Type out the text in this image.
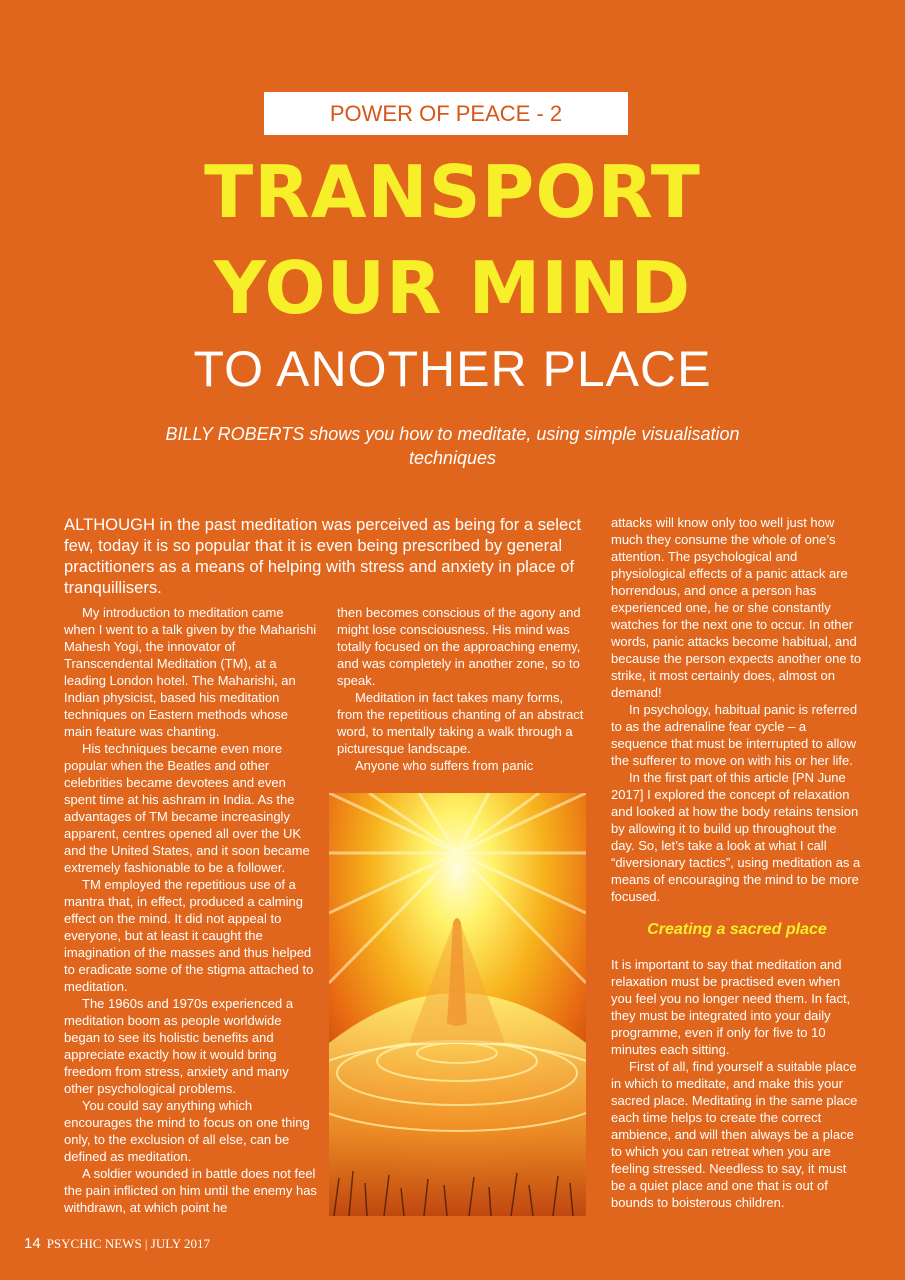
POWER OF PEACE - 2
TRANSPORT
YOUR MIND
TO ANOTHER PLACE
BILLY ROBERTS shows you how to meditate, using simple visualisation techniques
ALTHOUGH in the past meditation was perceived as being for a select few, today it is so popular that it is even being prescribed by general practitioners as a means of helping with stress and anxiety in place of tranquillisers.

My introduction to meditation came when I went to a talk given by the Maharishi Mahesh Yogi, the innovator of Transcendental Meditation (TM), at a leading London hotel. The Maharishi, an Indian physicist, based his meditation techniques on Eastern methods whose main feature was chanting.

His techniques became even more popular when the Beatles and other celebrities became devotees and even spent time at his ashram in India. As the advantages of TM became increasingly apparent, centres opened all over the UK and the United States, and it soon became extremely fashionable to be a follower.

TM employed the repetitious use of a mantra that, in effect, produced a calming effect on the mind. It did not appeal to everyone, but at least it caught the imagination of the masses and thus helped to eradicate some of the stigma attached to meditation.

The 1960s and 1970s experienced a meditation boom as people worldwide began to see its holistic benefits and appreciate exactly how it would bring freedom from stress, anxiety and many other psychological problems.

You could say anything which encourages the mind to focus on one thing only, to the exclusion of all else, can be defined as meditation.

A soldier wounded in battle does not feel the pain inflicted on him until the enemy has withdrawn, at which point he

then becomes conscious of the agony and might lose consciousness. His mind was totally focused on the approaching enemy, and was completely in another zone, so to speak.

Meditation in fact takes many forms, from the repetitious chanting of an abstract word, to mentally taking a walk through a picturesque landscape.

Anyone who suffers from panic

attacks will know only too well just how much they consume the whole of one’s attention. The psychological and physiological effects of a panic attack are horrendous, and once a person has experienced one, he or she constantly watches for the next one to occur. In other words, panic attacks become habitual, and because the person expects another one to strike, it most certainly does, almost on demand!

In psychology, habitual panic is referred to as the adrenaline fear cycle – a sequence that must be interrupted to allow the sufferer to move on with his or her life.

In the first part of this article [PN June 2017] I explored the concept of relaxation and looked at how the body retains tension by allowing it to build up throughout the day. So, let’s take a look at what I call “diversionary tactics”, using meditation as a means of encouraging the mind to be more focused.

Creating a sacred place

It is important to say that meditation and relaxation must be practised even when you feel you no longer need them. In fact, they must be integrated into your daily programme, even if only for five to 10 minutes each sitting.

First of all, find yourself a suitable place in which to meditate, and make this your sacred place. Meditating in the same place each time helps to create the correct ambience, and will then always be a place to which you can retreat when you are feeling stressed. Needless to say, it must be a quiet place and one that is out of bounds to boisterous children.

14 PSYCHIC NEWS | JULY 2017
